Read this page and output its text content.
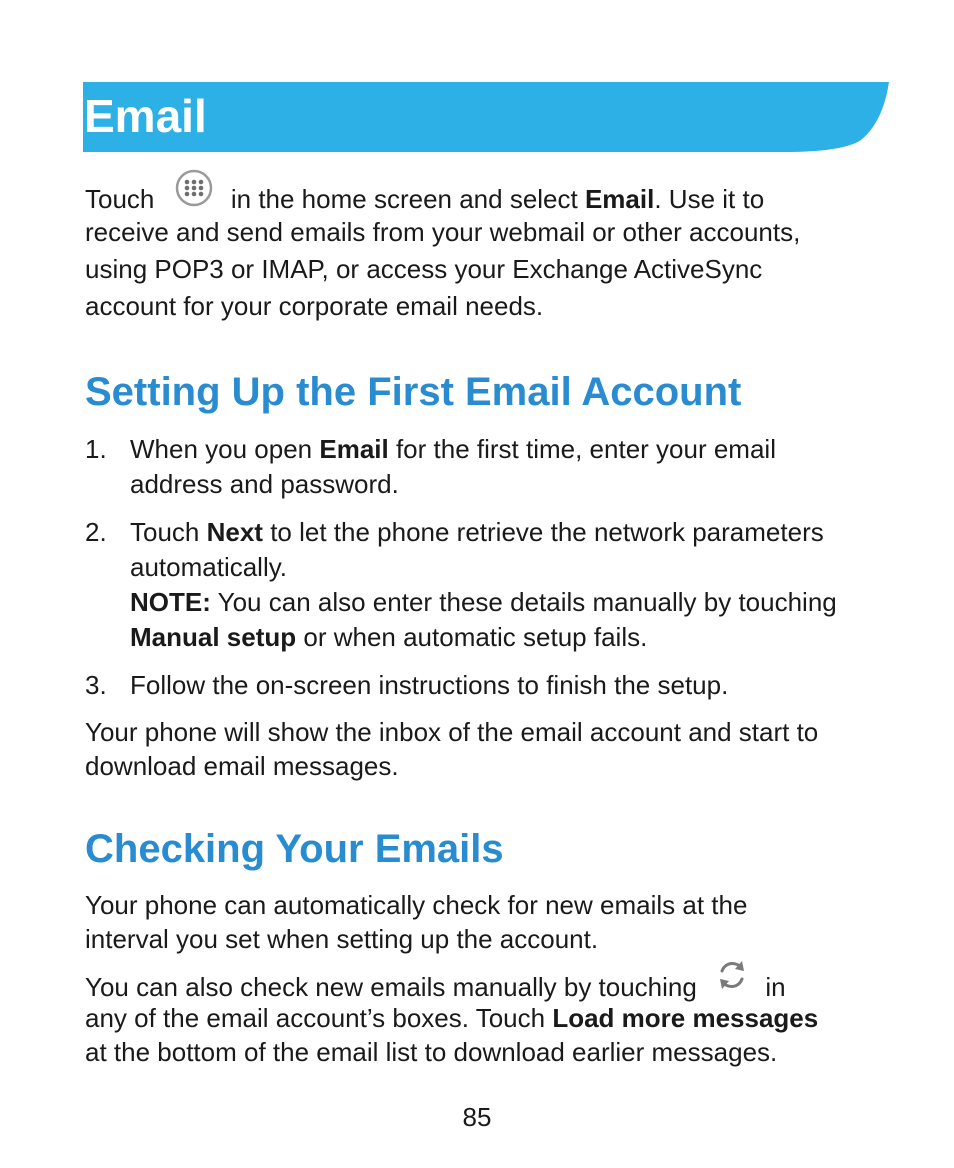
Email
Touch	in the home screen and select Email. Use it to
receive and send emails from your webmail or other accounts,
using POP3 or IMAP, or access your Exchange ActiveSync
account for your corporate email needs.
Setting Up the First Email Account
1. When you open Email for the first time, enter your email
address and password.
2. Touch Next to let the phone retrieve the network parameters
automatically.
NOTE: You can also enter these details manually by touching
Manual setup or when automatic setup fails.
3. Follow the on-screen instructions to finish the setup.
Your phone will show the inbox of the email account and start to
download email messages.
Checking Your Emails
Your phone can automatically check for new emails at the
interval you set when setting up the account.
You can also check new emails manually by touching	in
any of the email account’s boxes. Touch Load more messages
at the bottom of the email list to download earlier messages.
85
